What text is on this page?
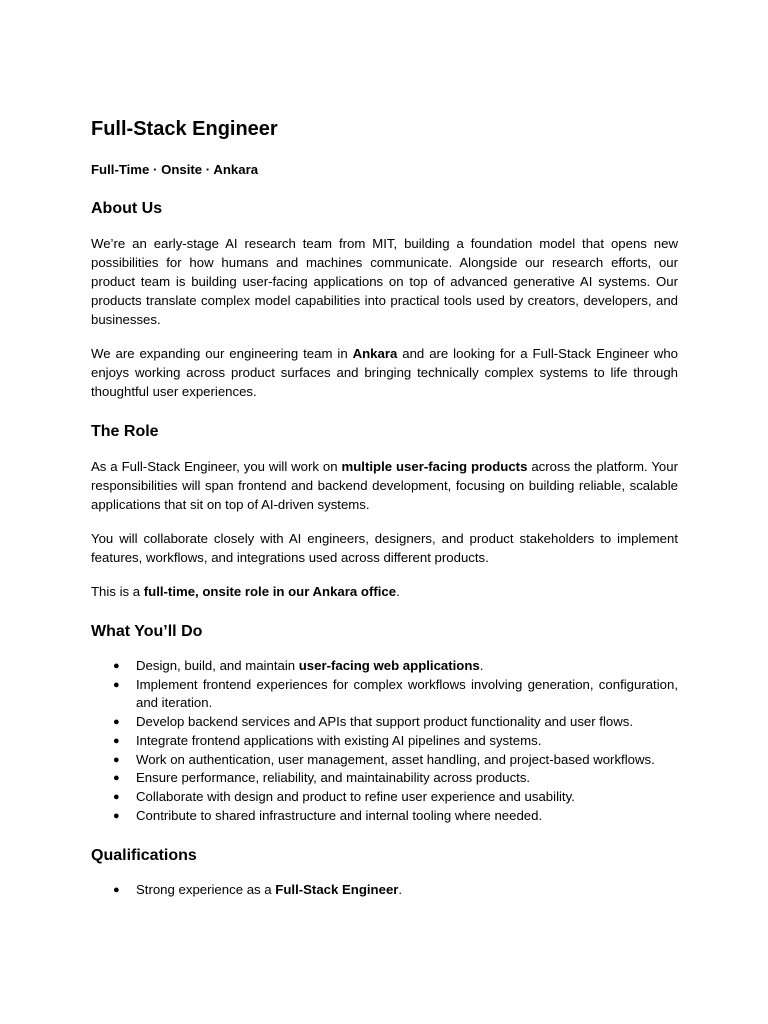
Full-Stack Engineer
Full-Time · Onsite · Ankara
About Us

We’re an early-stage AI research team from MIT, building a foundation model that opens new possibilities for how humans and machines communicate. Alongside our research efforts, our product team is building user-facing applications on top of advanced generative AI systems. Our products translate complex model capabilities into practical tools used by creators, developers, and businesses.

We are expanding our engineering team in Ankara and are looking for a Full-Stack Engineer who enjoys working across product surfaces and bringing technically complex systems to life through thoughtful user experiences.

The Role

As a Full-Stack Engineer, you will work on multiple user-facing products across the platform. Your responsibilities will span frontend and backend development, focusing on building reliable, scalable applications that sit on top of AI-driven systems.

You will collaborate closely with AI engineers, designers, and product stakeholders to implement features, workflows, and integrations used across different products.

This is a full-time, onsite role in our Ankara office.

What You’ll Do
● Design, build, and maintain user-facing web applications.
● Implement frontend experiences for complex workflows involving generation, configuration, and iteration.
● Develop backend services and APIs that support product functionality and user flows.
● Integrate frontend applications with existing AI pipelines and systems.
● Work on authentication, user management, asset handling, and project-based workflows.
● Ensure performance, reliability, and maintainability across products.
● Collaborate with design and product to refine user experience and usability.
● Contribute to shared infrastructure and internal tooling where needed.
Qualifications
● Strong experience as a Full-Stack Engineer.
